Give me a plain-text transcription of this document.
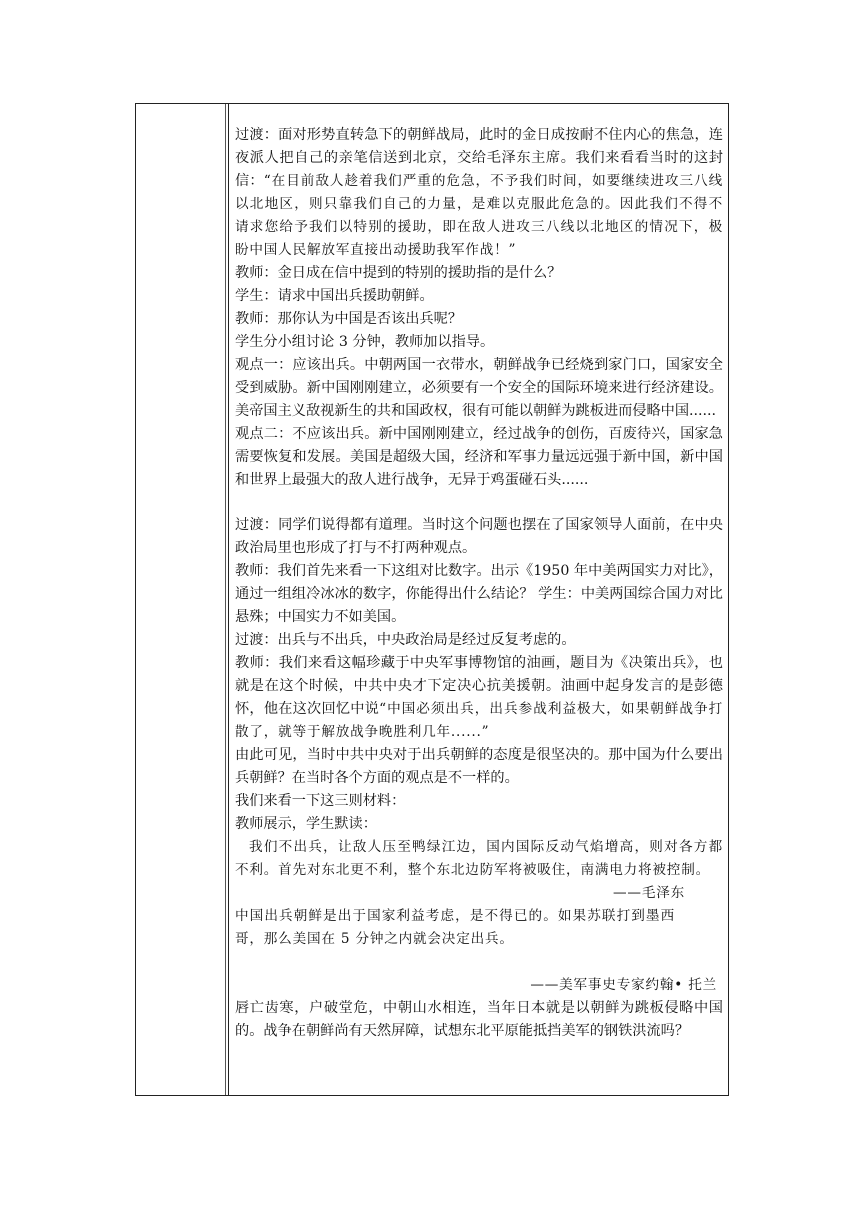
过渡：面对形势直转急下的朝鲜战局，此时的金日成按耐不住内心的焦急，连夜派人把自己的亲笔信送到北京，交给毛泽东主席。我们来看看当时的这封信：“在目前敌人趁着我们严重的危急，不予我们时间，如要继续进攻三八线以北地区，则只靠我们自己的力量，是难以克服此危急的。因此我们不得不请求您给予我们以特别的援助，即在敌人进攻三八线以北地区的情况下，极盼中国人民解放军直接出动援助我军作战！”

教师：金日成在信中提到的特别的援助指的是什么？

学生：请求中国出兵援助朝鲜。

教师：那你认为中国是否该出兵呢？

学生分小组讨论 3 分钟，教师加以指导。

观点一：应该出兵。中朝两国一衣带水，朝鲜战争已经烧到家门口，国家安全受到威胁。新中国刚刚建立，必须要有一个安全的国际环境来进行经济建设。美帝国主义敌视新生的共和国政权，很有可能以朝鲜为跳板进而侵略中国......

观点二：不应该出兵。新中国刚刚建立，经过战争的创伤，百废待兴，国家急需要恢复和发展。美国是超级大国，经济和军事力量远远强于新中国，新中国和世界上最强大的敌人进行战争，无异于鸡蛋碰石头......

过渡：同学们说得都有道理。当时这个问题也摆在了国家领导人面前，在中央政治局里也形成了打与不打两种观点。

教师：我们首先来看一下这组对比数字。出示《1950 年中美两国实力对比》，通过一组组冷冰冰的数字，你能得出什么结论？ 学生：中美两国综合国力对比悬殊；中国实力不如美国。

过渡：出兵与不出兵，中央政治局是经过反复考虑的。

教师：我们来看这幅珍藏于中央军事博物馆的油画，题目为《决策出兵》，也就是在这个时候，中共中央才下定决心抗美援朝。油画中起身发言的是彭德怀，他在这次回忆中说“中国必须出兵，出兵参战利益极大，如果朝鲜战争打散了，就等于解放战争晚胜利几年......”

由此可见，当时中共中央对于出兵朝鲜的态度是很坚决的。那中国为什么要出兵朝鲜？在当时各个方面的观点是不一样的。

我们来看一下这三则材料：

教师展示，学生默读：

我们不出兵，让敌人压至鸭绿江边，国内国际反动气焰增高，则对各方都不利。首先对东北更不利，整个东北边防军将被吸住，南满电力将被控制。

——毛泽东

中国出兵朝鲜是出于国家利益考虑，是不得已的。如果苏联打到墨西哥，那么美国在 5 分钟之内就会决定出兵。

——美军事史专家约翰• 托兰

唇亡齿寒，户破堂危，中朝山水相连，当年日本就是以朝鲜为跳板侵略中国的。战争在朝鲜尚有天然屏障，试想东北平原能抵挡美军的钢铁洪流吗？
